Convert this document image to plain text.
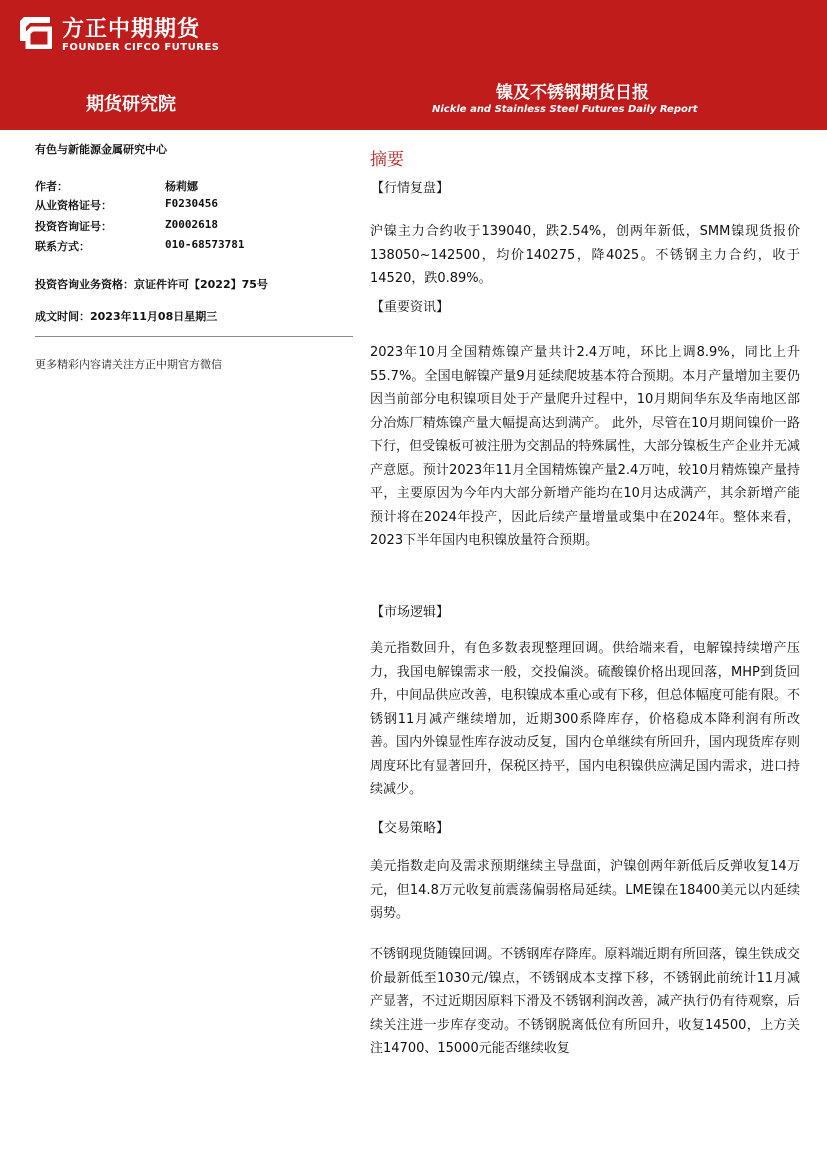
方正中期期货
FOUNDER CIFCO FUTURES
期货研究院
镍及不锈钢期货日报
Nickle and Stainless Steel Futures Daily Report
有色与新能源金属研究中心
作者：	杨莉娜
从业资格证号：	F0230456
投资咨询证号：	Z0002618
联系方式：	010-68573781
投资咨询业务资格：京证件许可【2022】75号
成文时间：2023年11月08日星期三
更多精彩内容请关注方正中期官方微信
摘要
【行情复盘】
沪镍主力合约收于139040，跌2.54%，创两年新低，SMM镍现货报价138050~142500，均价140275，降4025。不锈钢主力合约，收于14520，跌0.89%。
【重要资讯】
2023年10月全国精炼镍产量共计2.4万吨，环比上调8.9%，同比上升55.7%。全国电解镍产量9月延续爬坡基本符合预期。本月产量增加主要仍因当前部分电积镍项目处于产量爬升过程中，10月期间华东及华南地区部分冶炼厂精炼镍产量大幅提高达到满产。 此外，尽管在10月期间镍价一路下行，但受镍板可被注册为交割品的特殊属性，大部分镍板生产企业并无减产意愿。预计2023年11月全国精炼镍产量2.4万吨，较10月精炼镍产量持平，主要原因为今年内大部分新增产能均在10月达成满产，其余新增产能预计将在2024年投产，因此后续产量增量或集中在2024年。整体来看，2023下半年国内电积镍放量符合预期。
【市场逻辑】
美元指数回升，有色多数表现整理回调。供给端来看，电解镍持续增产压力，我国电解镍需求一般，交投偏淡。硫酸镍价格出现回落，MHP到货回升，中间品供应改善，电积镍成本重心或有下移，但总体幅度可能有限。不锈钢11月减产继续增加，近期300系降库存，价格稳成本降利润有所改善。国内外镍显性库存波动反复，国内仓单继续有所回升，国内现货库存则周度环比有显著回升，保税区持平，国内电积镍供应满足国内需求，进口持续减少。
【交易策略】
美元指数走向及需求预期继续主导盘面，沪镍创两年新低后反弹收复14万元，但14.8万元收复前震荡偏弱格局延续。LME镍在18400美元以内延续弱势。
不锈钢现货随镍回调。不锈钢库存降库。原料端近期有所回落，镍生铁成交价最新低至1030元/镍点，不锈钢成本支撑下移，不锈钢此前统计11月减产显著，不过近期因原料下滑及不锈钢利润改善，减产执行仍有待观察，后续关注进一步库存变动。不锈钢脱离低位有所回升，收复14500，上方关注14700、15000元能否继续收复
